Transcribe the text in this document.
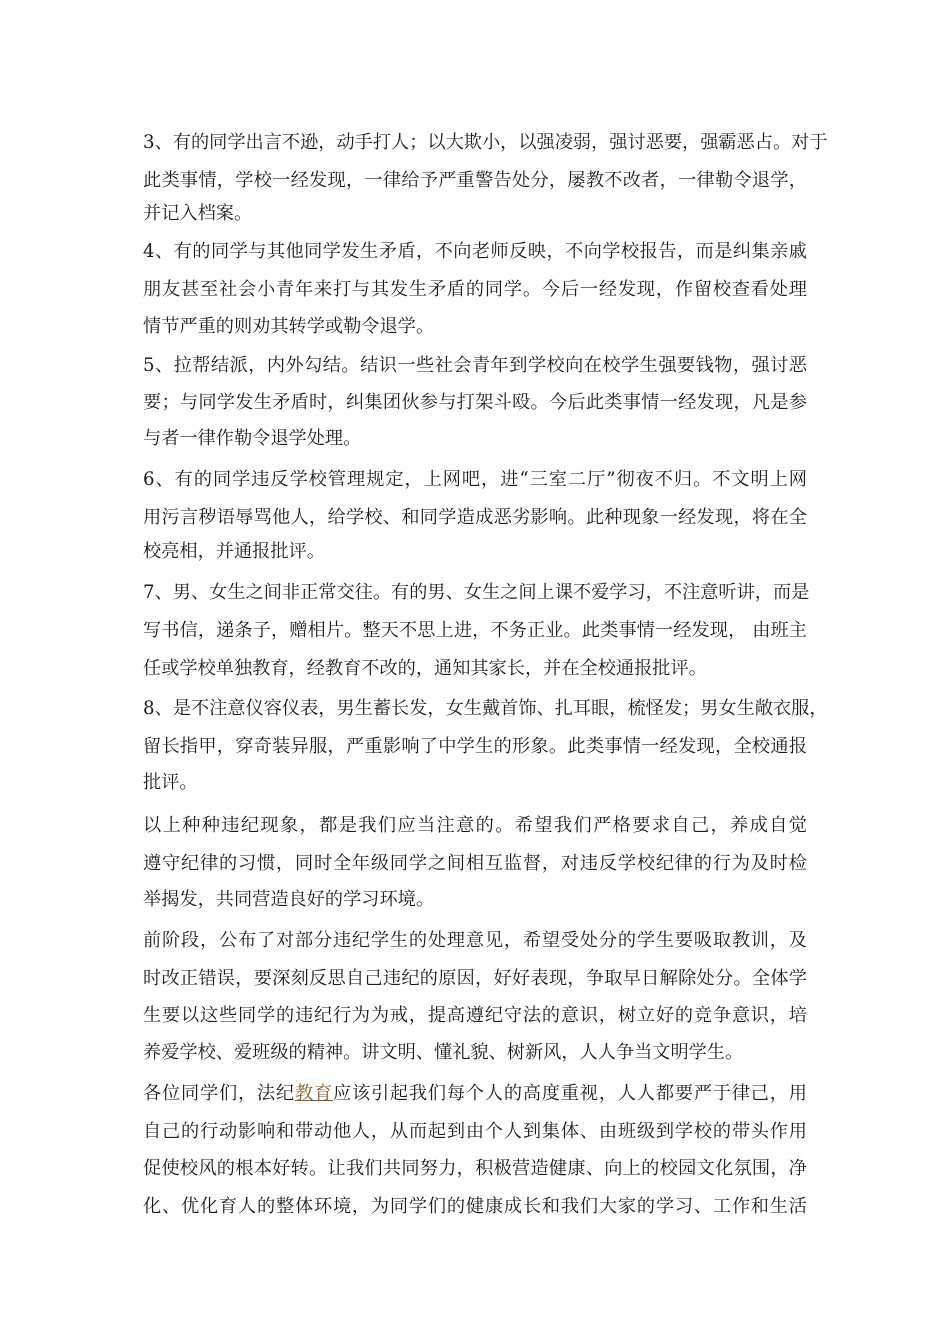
3、有的同学出言不逊，动手打人；以大欺小，以强凌弱，强讨恶要，强霸恶占。对于
此类事情，学校一经发现，一律给予严重警告处分，屡教不改者，一律勒令退学，
并记入档案。
4、有的同学与其他同学发生矛盾，不向老师反映，不向学校报告，而是纠集亲戚
朋友甚至社会小青年来打与其发生矛盾的同学。今后一经发现，作留校查看处理
情节严重的则劝其转学或勒令退学。
5、拉帮结派，内外勾结。结识一些社会青年到学校向在校学生强要钱物，强讨恶
要；与同学发生矛盾时，纠集团伙参与打架斗殴。今后此类事情一经发现，凡是参
与者一律作勒令退学处理。
6、有的同学违反学校管理规定，上网吧，进“三室二厅”彻夜不归。不文明上网
用污言秽语辱骂他人，给学校、和同学造成恶劣影响。此种现象一经发现，将在全
校亮相，并通报批评。
7、男、女生之间非正常交往。有的男、女生之间上课不爱学习，不注意听讲，而是
写书信，递条子，赠相片。整天不思上进，不务正业。此类事情一经发现， 由班主
任或学校单独教育，经教育不改的，通知其家长，并在全校通报批评。
8、是不注意仪容仪表，男生蓄长发，女生戴首饰、扎耳眼，梳怪发；男女生敞衣服，
留长指甲，穿奇装异服，严重影响了中学生的形象。此类事情一经发现，全校通报
批评。
以上种种违纪现象，都是我们应当注意的。希望我们严格要求自己，养成自觉
遵守纪律的习惯，同时全年级同学之间相互监督，对违反学校纪律的行为及时检
举揭发，共同营造良好的学习环境。
前阶段，公布了对部分违纪学生的处理意见，希望受处分的学生要吸取教训，及
时改正错误，要深刻反思自己违纪的原因，好好表现，争取早日解除处分。全体学
生要以这些同学的违纪行为为戒，提高遵纪守法的意识，树立好的竞争意识，培
养爱学校、爱班级的精神。讲文明、懂礼貌、树新风，人人争当文明学生。
各位同学们，法纪教育应该引起我们每个人的高度重视，人人都要严于律己，用
自己的行动影响和带动他人，从而起到由个人到集体、由班级到学校的带头作用
促使校风的根本好转。让我们共同努力，积极营造健康、向上的校园文化氛围，净
化、优化育人的整体环境，为同学们的健康成长和我们大家的学习、工作和生活
